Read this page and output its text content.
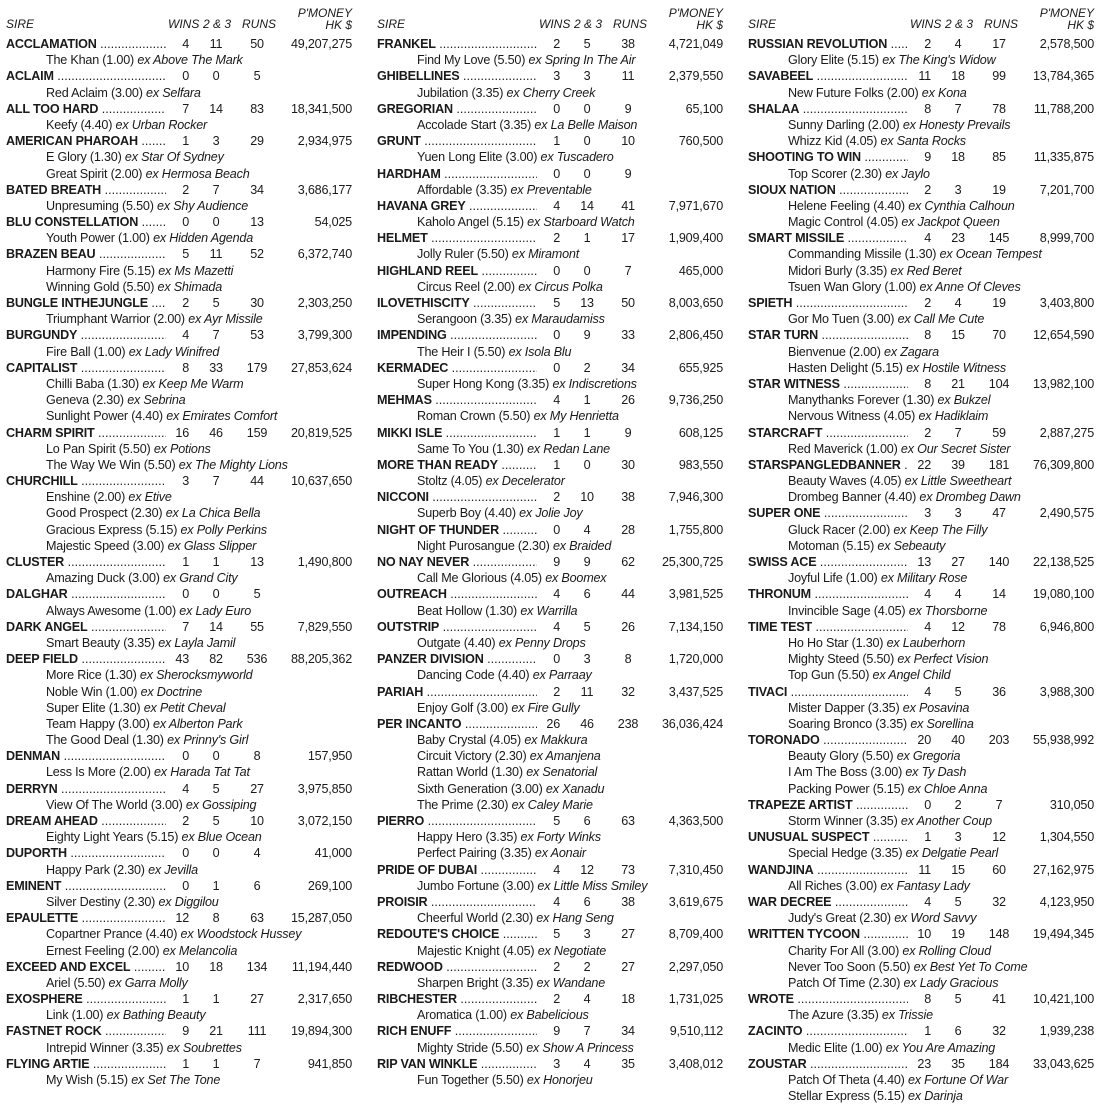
SIRE	WINS 2 & 3 RUNS
P'MONEY
HK $
ACCLAMATION .....	4 11	50	49,207,275
The Khan (1.00) ex Above The Mark
ACLAIM .....	0	0	5
Red Aclaim (3.00) ex Selfara
ALL TOO HARD .....	7 14	83	18,341,500
Keefy (4.40) ex Urban Rocker
AMERICAN PHAROAH .....	1	3	29	2,934,975
E Glory (1.30) ex Star Of Sydney
Great Spirit (2.00) ex Hermosa Beach
BATED BREATH .....	2	7	34	3,686,177
Unpresuming (5.50) ex Shy Audience
BLU CONSTELLATION .....	0	0	13	54,025
Youth Power (1.00) ex Hidden Agenda
BRAZEN BEAU .....	5 11	52	6,372,740
Harmony Fire (5.15) ex Ms Mazetti
Winning Gold (5.50) ex Shimada
BUNGLE INTHEJUNGLE .....	2	5	30	2,303,250
Triumphant Warrior (2.00) ex Ayr Missile
BURGUNDY .....	4	7	53	3,799,300
Fire Ball (1.00) ex Lady Winifred
CAPITALIST .....	8 33	179	27,853,624
Chilli Baba (1.30) ex Keep Me Warm
Geneva (2.30) ex Sebrina
Sunlight Power (4.40) ex Emirates Comfort
CHARM SPIRIT .....	16 46	159	20,819,525
Lo Pan Spirit (5.50) ex Potions
The Way We Win (5.50) ex The Mighty Lions
CHURCHILL .....	3	7	44	10,637,650
Enshine (2.00) ex Etive
Good Prospect (2.30) ex La Chica Bella
Gracious Express (5.15) ex Polly Perkins
Majestic Speed (3.00) ex Glass Slipper
CLUSTER .....	1	1	13	1,490,800
Amazing Duck (3.00) ex Grand City
DALGHAR .....	0	0	5
Always Awesome (1.00) ex Lady Euro
DARK ANGEL .....	7 14	55	7,829,550
Smart Beauty (3.35) ex Layla Jamil
DEEP FIELD .....	43 82	536	88,205,362
More Rice (1.30) ex Sherocksmyworld
Noble Win (1.00) ex Doctrine
Super Elite (1.30) ex Petit Cheval
Team Happy (3.00) ex Alberton Park
The Good Deal (1.30) ex Prinny's Girl
DENMAN .....	0	0	8	157,950
Less Is More (2.00) ex Harada Tat Tat
DERRYN .....	4	5	27	3,975,850
View Of The World (3.00) ex Gossiping
DREAM AHEAD .....	2	5	10	3,072,150
Eighty Light Years (5.15) ex Blue Ocean
DUPORTH .....	0	0	4	41,000
Happy Park (2.30) ex Jevilla
EMINENT .....	0	1	6	269,100
Silver Destiny (2.30) ex Diggilou
EPAULETTE .....	12	8	63	15,287,050
Copartner Prance (4.40) ex Woodstock Hussey
Ernest Feeling (2.00) ex Melancolia
EXCEED AND EXCEL .....	10 18	134	11,194,440
Ariel (5.50) ex Garra Molly
EXOSPHERE .....	1	1	27	2,317,650
Link (1.00) ex Bathing Beauty
FASTNET ROCK .....	9 21	111	19,894,300
Intrepid Winner (3.35) ex Soubrettes
FLYING ARTIE .....	1	1	7	941,850
My Wish (5.15) ex Set The Tone
SIRE	WINS 2 & 3 RUNS
P'MONEY
HK $
FRANKEL .....	2	5	38	4,721,049
Find My Love (5.50) ex Spring In The Air
GHIBELLINES .....	3	3	11	2,379,550
Jubilation (3.35) ex Cherry Creek
GREGORIAN .....	0	0	9	65,100
Accolade Start (3.35) ex La Belle Maison
GRUNT .....	1	0	10	760,500
Yuen Long Elite (3.00) ex Tuscadero
HARDHAM .....	0	0	9
Affordable (3.35) ex Preventable
HAVANA GREY .....	4 14	41	7,971,670
Kaholo Angel (5.15) ex Starboard Watch
HELMET .....	2	1	17	1,909,400
Jolly Ruler (5.50) ex Miramont
HIGHLAND REEL .....	0	0	7	465,000
Circus Reel (2.00) ex Circus Polka
ILOVETHISCITY .....	5 13	50	8,003,650
Serangoon (3.35) ex Maraudamiss
IMPENDING .....	0	9	33	2,806,450
The Heir I (5.50) ex Isola Blu
KERMADEC .....	0	2	34	655,925
Super Hong Kong (3.35) ex Indiscretions
MEHMAS .....	4	1	26	9,736,250
Roman Crown (5.50) ex My Henrietta
MIKKI ISLE .....	1	1	9	608,125
Same To You (1.30) ex Redan Lane
MORE THAN READY .....	1	0	30	983,550
Stoltz (4.05) ex Decelerator
NICCONI .....	2 10	38	7,946,300
Superb Boy (4.40) ex Jolie Joy
NIGHT OF THUNDER .....	0	4	28	1,755,800
Night Purosangue (2.30) ex Braided
NO NAY NEVER .....	9	9	62	25,300,725
Call Me Glorious (4.05) ex Boomex
OUTREACH .....	4	6	44	3,981,525
Beat Hollow (1.30) ex Warrilla
OUTSTRIP .....	4	5	26	7,134,150
Outgate (4.40) ex Penny Drops
PANZER DIVISION .....	0	3	8	1,720,000
Dancing Code (4.40) ex Parraay
PARIAH .....	2 11	32	3,437,525
Enjoy Golf (3.00) ex Fire Gully
PER INCANTO .....	26 46	238	36,036,424
Baby Crystal (4.05) ex Makkura
Circuit Victory (2.30) ex Amanjena
Rattan World (1.30) ex Senatorial
Sixth Generation (3.00) ex Xanadu
The Prime (2.30) ex Caley Marie
PIERRO .....	5	6	63	4,363,500
Happy Hero (3.35) ex Forty Winks
Perfect Pairing (3.35) ex Aonair
PRIDE OF DUBAI .....	4 12	73	7,310,450
Jumbo Fortune (3.00) ex Little Miss Smiley
PROISIR .....	4	6	38	3,619,675
Cheerful World (2.30) ex Hang Seng
REDOUTE'S CHOICE .....	5	3	27	8,709,400
Majestic Knight (4.05) ex Negotiate
REDWOOD .....	2	2	27	2,297,050
Sharpen Bright (3.35) ex Wandane
RIBCHESTER .....	2	4	18	1,731,025
Aromatica (1.00) ex Babelicious
RICH ENUFF .....	9	7	34	9,510,112
Mighty Stride (5.50) ex Show A Princess
RIP VAN WINKLE .....	3	4	35	3,408,012
Fun Together (5.50) ex Honorjeu
SIRE	WINS 2 & 3 RUNS
P'MONEY
HK $
RUSSIAN REVOLUTION .....	2	4	17	2,578,500
Glory Elite (5.15) ex The King's Widow
SAVABEEL .....	11 18	99	13,784,365
New Future Folks (2.00) ex Kona
SHALAA .....	8	7	78	11,788,200
Sunny Darling (2.00) ex Honesty Prevails
Whizz Kid (4.05) ex Santa Rocks
SHOOTING TO WIN .....	9 18	85	11,335,875
Top Scorer (2.30) ex Jaylo
SIOUX NATION .....	2	3	19	7,201,700
Helene Feeling (4.40) ex Cynthia Calhoun
Magic Control (4.05) ex Jackpot Queen
SMART MISSILE .....	4 23	145	8,999,700
Commanding Missile (1.30) ex Ocean Tempest
Midori Burly (3.35) ex Red Beret
Tsuen Wan Glory (1.00) ex Anne Of Cleves
SPIETH .....	2	4	19	3,403,800
Gor Mo Tuen (3.00) ex Call Me Cute
STAR TURN .....	8 15	70	12,654,590
Bienvenue (2.00) ex Zagara
Hasten Delight (5.15) ex Hostile Witness
STAR WITNESS .....	8 21	104	13,982,100
Manythanks Forever (1.30) ex Bukzel
Nervous Witness (4.05) ex Hadiklaim
STARCRAFT .....	2	7	59	2,887,275
Red Maverick (1.00) ex Our Secret Sister
STARSPANGLEDBANNER .....	22 39	181	76,309,800
Beauty Waves (4.05) ex Little Sweetheart
Drombeg Banner (4.40) ex Drombeg Dawn
SUPER ONE .....	3	3	47	2,490,575
Gluck Racer (2.00) ex Keep The Filly
Motoman (5.15) ex Sebeauty
SWISS ACE .....	13 27	140	22,138,525
Joyful Life (1.00) ex Military Rose
THRONUM .....	4	4	14	19,080,100
Invincible Sage (4.05) ex Thorsborne
TIME TEST .....	4 12	78	6,946,800
Ho Ho Star (1.30) ex Lauberhorn
Mighty Steed (5.50) ex Perfect Vision
Top Gun (5.50) ex Angel Child
TIVACI .....	4	5	36	3,988,300
Mister Dapper (3.35) ex Posavina
Soaring Bronco (3.35) ex Sorellina
TORONADO .....	20 40	203	55,938,992
Beauty Glory (5.50) ex Gregoria
I Am The Boss (3.00) ex Ty Dash
Packing Power (5.15) ex Chloe Anna
TRAPEZE ARTIST .....	0	2	7	310,050
Storm Winner (3.35) ex Another Coup
UNUSUAL SUSPECT .....	1	3	12	1,304,550
Special Hedge (3.35) ex Delgatie Pearl
WANDJINA .....	11 15	60	27,162,975
All Riches (3.00) ex Fantasy Lady
WAR DECREE .....	4	5	32	4,123,950
Judy's Great (2.30) ex Word Savvy
WRITTEN TYCOON .....	10 19	148	19,494,345
Charity For All (3.00) ex Rolling Cloud
Never Too Soon (5.50) ex Best Yet To Come
Patch Of Time (2.30) ex Lady Gracious
WROTE .....	8	5	41	10,421,100
The Azure (3.35) ex Trissie
ZACINTO .....	1	6	32	1,939,238
Medic Elite (1.00) ex You Are Amazing
ZOUSTAR .....	23 35	184	33,043,625
Patch Of Theta (4.40) ex Fortune Of War
Stellar Express (5.15) ex Darinja
